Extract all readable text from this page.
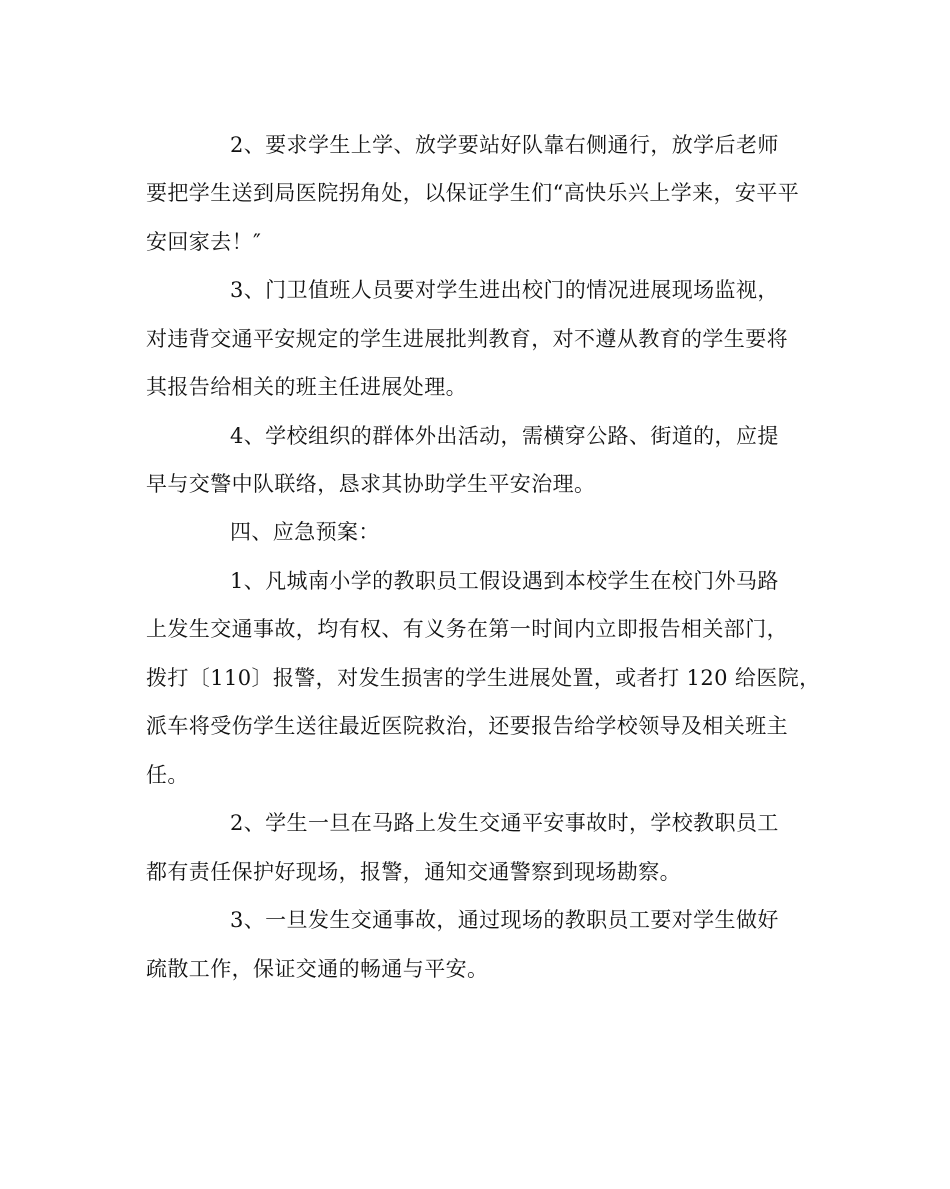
2、要求学生上学、放学要站好队靠右侧通行，放学后老师
要把学生送到局医院拐角处，以保证学生们“高快乐兴上学来，安平平
安回家去！″
3、门卫值班人员要对学生进出校门的情况进展现场监视，
对违背交通平安规定的学生进展批判教育，对不遵从教育的学生要将
其报告给相关的班主任进展处理。
4、学校组织的群体外出活动，需横穿公路、街道的，应提
早与交警中队联络，恳求其协助学生平安治理。
四、应急预案：
1、凡城南小学的教职员工假设遇到本校学生在校门外马路
上发生交通事故，均有权、有义务在第一时间内立即报告相关部门，
拨打〔110〕报警，对发生损害的学生进展处置，或者打 120 给医院，
派车将受伤学生送往最近医院救治，还要报告给学校领导及相关班主
任。
2、学生一旦在马路上发生交通平安事故时，学校教职员工
都有责任保护好现场，报警，通知交通警察到现场勘察。
3、一旦发生交通事故，通过现场的教职员工要对学生做好
疏散工作，保证交通的畅通与平安。
